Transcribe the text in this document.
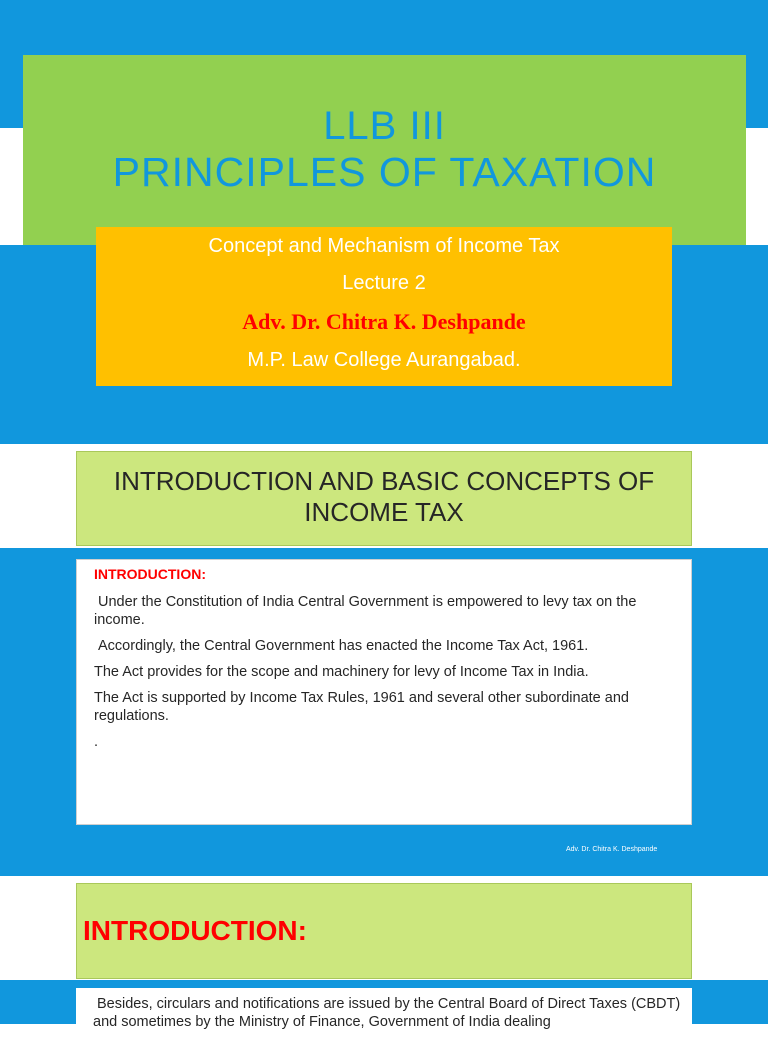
LLB III
PRINCIPLES OF TAXATION
Concept and Mechanism of Income Tax
Lecture 2
Adv. Dr. Chitra K. Deshpande
M.P. Law College Aurangabad.
INTRODUCTION AND BASIC CONCEPTS OF
INCOME TAX
INTRODUCTION:

Under the Constitution of India Central Government is empowered to levy tax on the income.

Accordingly, the Central Government has enacted the Income Tax Act, 1961.

The Act provides for the scope and machinery for levy of Income Tax in India.

The Act is supported by Income Tax Rules, 1961 and several other subordinate and regulations.

.

Adv. Dr. Chitra K. Deshpande
INTRODUCTION:
Besides, circulars and notifications are issued by the Central Board of Direct Taxes (CBDT) and sometimes by the Ministry of Finance, Government of India dealing
